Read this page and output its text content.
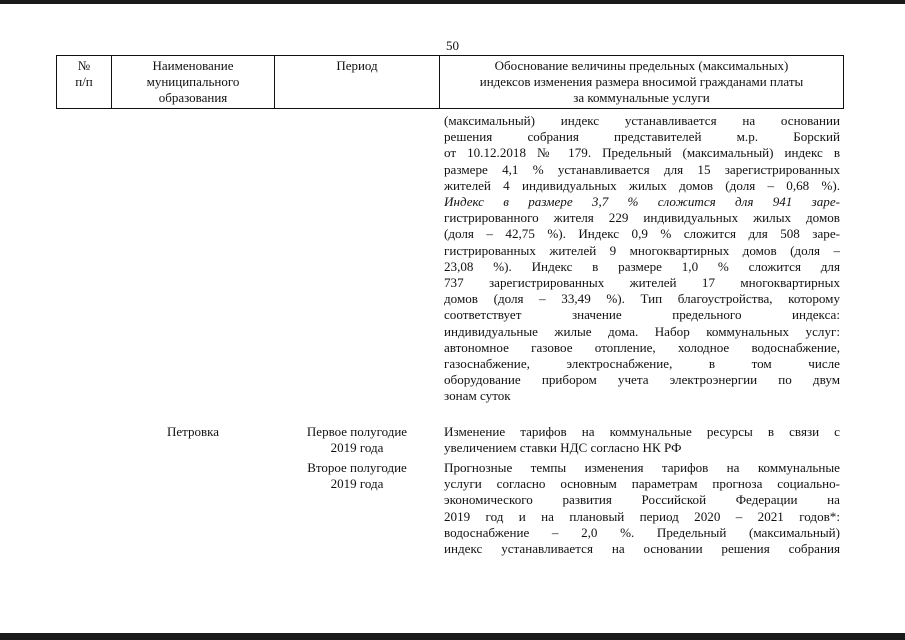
50
№
п/п
Наименование
муниципального
образования
Период	Обоснование величины предельных (максимальных)
индексов изменения размера вносимой гражданами платы
за коммунальные услуги
(максимальный) индекс устанавливается на основании
решения собрания представителей м.р. Борский
от 10.12.2018 № 179. Предельный (максимальный) индекс в
размере 4,1 % устанавливается для 15 зарегистрированных
жителей 4 индивидуальных жилых домов (доля – 0,68 %).
Индекс в размере 3,7 % сложится для 941 заре-
гистрированного жителя 229 индивидуальных жилых домов
(доля – 42,75 %). Индекс 0,9 % сложится для 508 заре-
гистрированных жителей 9 многоквартирных домов (доля –
23,08 %). Индекс в размере 1,0 % сложится для
737 зарегистрированных жителей 17 многоквартирных
домов (доля – 33,49 %). Тип благоустройства, которому
соответствует значение предельного индекса:
индивидуальные жилые дома. Набор коммунальных услуг:
автономное газовое отопление, холодное водоснабжение,
газоснабжение, электроснабжение, в том числе
оборудование прибором учета электроэнергии по двум
зонам суток
Петровка	Первое полугодие
2019 года
Второе полугодие
2019 года
Изменение тарифов на коммунальные ресурсы в связи с
увеличением ставки НДС согласно НК РФ
Прогнозные темпы изменения тарифов на коммунальные
услуги согласно основным параметрам прогноза социально-
экономического развития Российской Федерации на
2019 год и на плановый период 2020 – 2021 годов*:
водоснабжение – 2,0 %. Предельный (максимальный)
индекс устанавливается на основании решения собрания
